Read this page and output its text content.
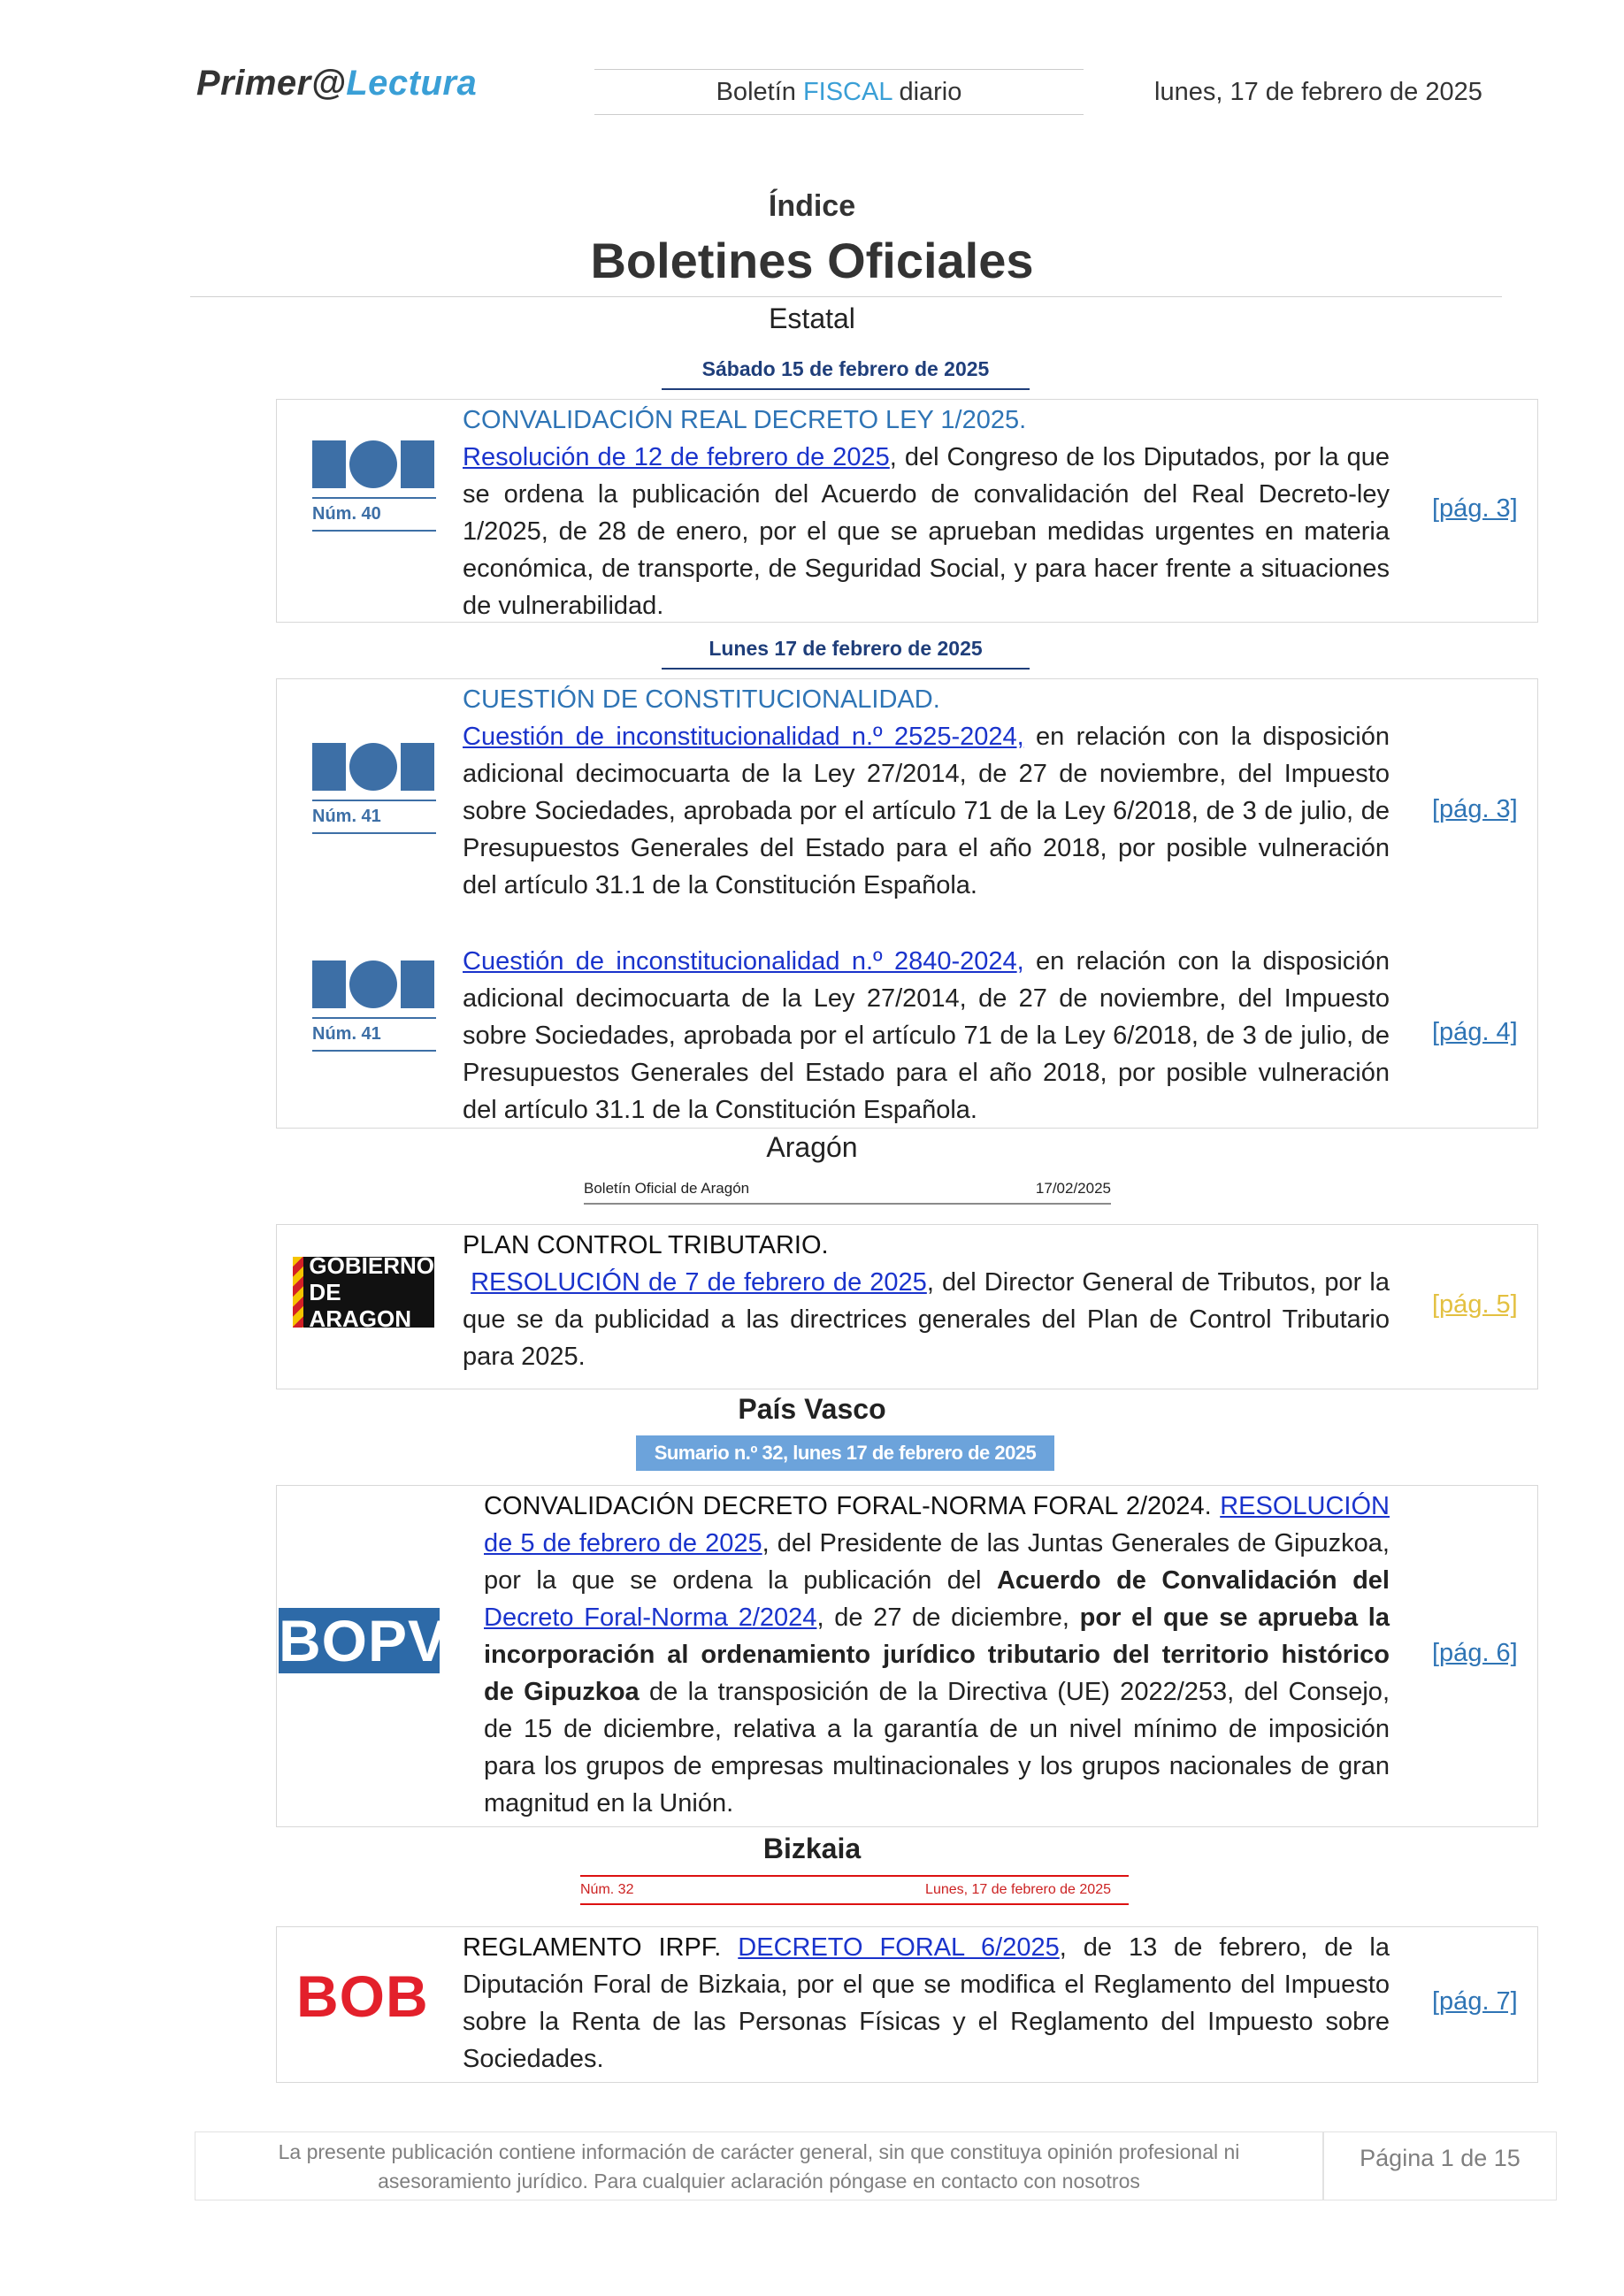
Primer@Lectura	Boletín FISCAL diario	lunes, 17 de febrero de 2025
Índice
Boletines Oficiales
Estatal
Sábado 15 de febrero de 2025
Núm. 40
CONVALIDACIÓN REAL DECRETO LEY 1/2025.
Resolución de 12 de febrero de 2025, del Congreso de los Diputados, por la que se ordena la publicación del Acuerdo de convalidación del Real Decreto-ley 1/2025, de 28 de enero, por el que se aprueban medidas urgentes en materia económica, de transporte, de Seguridad Social, y para hacer frente a situaciones de vulnerabilidad.
[pág. 3]
Lunes 17 de febrero de 2025
Núm. 41
CUESTIÓN DE CONSTITUCIONALIDAD.
Cuestión de inconstitucionalidad n.º 2525-2024, en relación con la disposición adicional decimocuarta de la Ley 27/2014, de 27 de noviembre, del Impuesto sobre Sociedades, aprobada por el artículo 71 de la Ley 6/2018, de 3 de julio, de Presupuestos Generales del Estado para el año 2018, por posible vulneración del artículo 31.1 de la Constitución Española.
[pág. 3]
Núm. 41
Cuestión de inconstitucionalidad n.º 2840-2024, en relación con la disposición adicional decimocuarta de la Ley 27/2014, de 27 de noviembre, del Impuesto sobre Sociedades, aprobada por el artículo 71 de la Ley 6/2018, de 3 de julio, de Presupuestos Generales del Estado para el año 2018, por posible vulneración del artículo 31.1 de la Constitución Española.
[pág. 4]
Aragón
Boletín Oficial de Aragón	17/02/2025
GOBIERNO
DE ARAGON
PLAN CONTROL TRIBUTARIO.
RESOLUCIÓN de 7 de febrero de 2025, del Director General de Tributos, por la que se da publicidad a las directrices generales del Plan de Control Tributario para 2025.
[pág. 5]
País Vasco
Sumario n.º 32, lunes 17 de febrero de 2025
BOPV
CONVALIDACIÓN DECRETO FORAL-NORMA FORAL 2/2024. RESOLUCIÓN de 5 de febrero de 2025, del Presidente de las Juntas Generales de Gipuzkoa, por la que se ordena la publicación del Acuerdo de Convalidación del Decreto Foral-Norma 2/2024, de 27 de diciembre, por el que se aprueba la incorporación al ordenamiento jurídico tributario del territorio histórico de Gipuzkoa de la transposición de la Directiva (UE) 2022/253, del Consejo, de 15 de diciembre, relativa a la garantía de un nivel mínimo de imposición para los grupos de empresas multinacionales y los grupos nacionales de gran magnitud en la Unión.
[pág. 6]
Bizkaia
Núm. 32	Lunes, 17 de febrero de 2025
BOB
REGLAMENTO IRPF. DECRETO FORAL 6/2025, de 13 de febrero, de la Diputación Foral de Bizkaia, por el que se modifica el Reglamento del Impuesto sobre la Renta de las Personas Físicas y el Reglamento del Impuesto sobre Sociedades.
[pág. 7]
La presente publicación contiene información de carácter general, sin que constituya opinión profesional ni
asesoramiento jurídico. Para cualquier aclaración póngase en contacto con nosotros
Página 1 de 15
